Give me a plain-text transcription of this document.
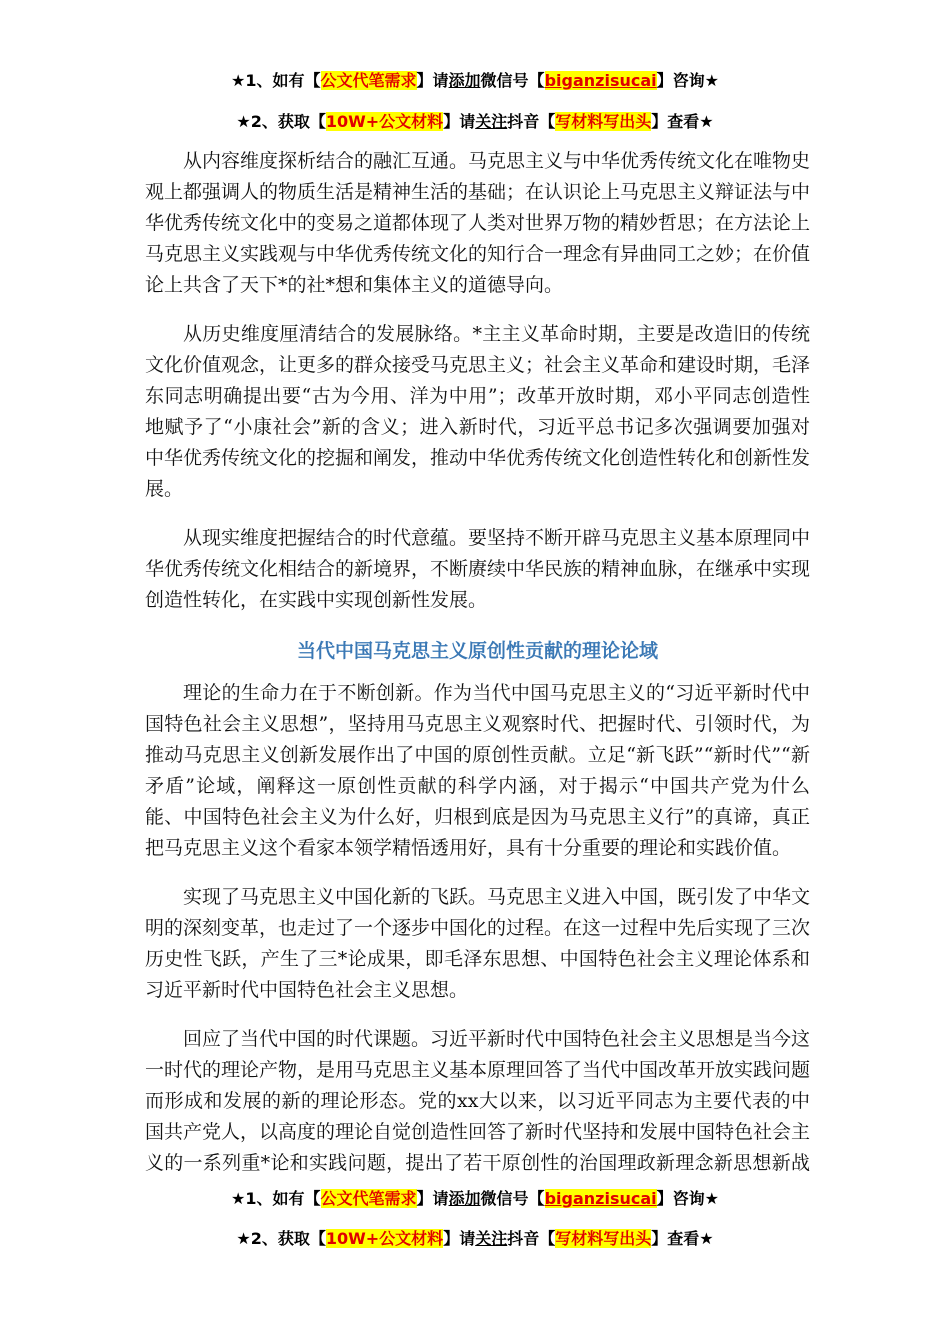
★1、如有【公文代笔需求】请添加微信号【biganzisucai】咨询★
★2、获取【10W+公文材料】请关注抖音【写材料写出头】查看★

从内容维度探析结合的融汇互通。马克思主义与中华优秀传统文化在唯物史观上都强调人的物质生活是精神生活的基础；在认识论上马克思主义辩证法与中华优秀传统文化中的变易之道都体现了人类对世界万物的精妙哲思；在方法论上马克思主义实践观与中华优秀传统文化的知行合一理念有异曲同工之妙；在价值论上共含了天下*的社*想和集体主义的道德导向。

从历史维度厘清结合的发展脉络。*主主义革命时期，主要是改造旧的传统文化价值观念，让更多的群众接受马克思主义；社会主义革命和建设时期，毛泽东同志明确提出要“古为今用、洋为中用”；改革开放时期，邓小平同志创造性地赋予了“小康社会”新的含义；进入新时代，习近平总书记多次强调要加强对中华优秀传统文化的挖掘和阐发，推动中华优秀传统文化创造性转化和创新性发展。

从现实维度把握结合的时代意蕴。要坚持不断开辟马克思主义基本原理同中华优秀传统文化相结合的新境界，不断赓续中华民族的精神血脉，在继承中实现创造性转化，在实践中实现创新性发展。

当代中国马克思主义原创性贡献的理论论域

理论的生命力在于不断创新。作为当代中国马克思主义的“习近平新时代中国特色社会主义思想”，坚持用马克思主义观察时代、把握时代、引领时代，为推动马克思主义创新发展作出了中国的原创性贡献。立足“新飞跃”“新时代”“新矛盾”论域，阐释这一原创性贡献的科学内涵，对于揭示“中国共产党为什么能、中国特色社会主义为什么好，归根到底是因为马克思主义行”的真谛，真正把马克思主义这个看家本领学精悟透用好，具有十分重要的理论和实践价值。

实现了马克思主义中国化新的飞跃。马克思主义进入中国，既引发了中华文明的深刻变革，也走过了一个逐步中国化的过程。在这一过程中先后实现了三次历史性飞跃，产生了三*论成果，即毛泽东思想、中国特色社会主义理论体系和习近平新时代中国特色社会主义思想。

回应了当代中国的时代课题。习近平新时代中国特色社会主义思想是当今这一时代的理论产物，是用马克思主义基本原理回答了当代中国改革开放实践问题而形成和发展的新的理论形态。党的xx大以来，以习近平同志为主要代表的中国共产党人，以高度的理论自觉创造性回答了新时代坚持和发展中国特色社会主义的一系列重*论和实践问题，提出了若干原创性的治国理政新理念新思想新战

★1、如有【公文代笔需求】请添加微信号【biganzisucai】咨询★
★2、获取【10W+公文材料】请关注抖音【写材料写出头】查看★
